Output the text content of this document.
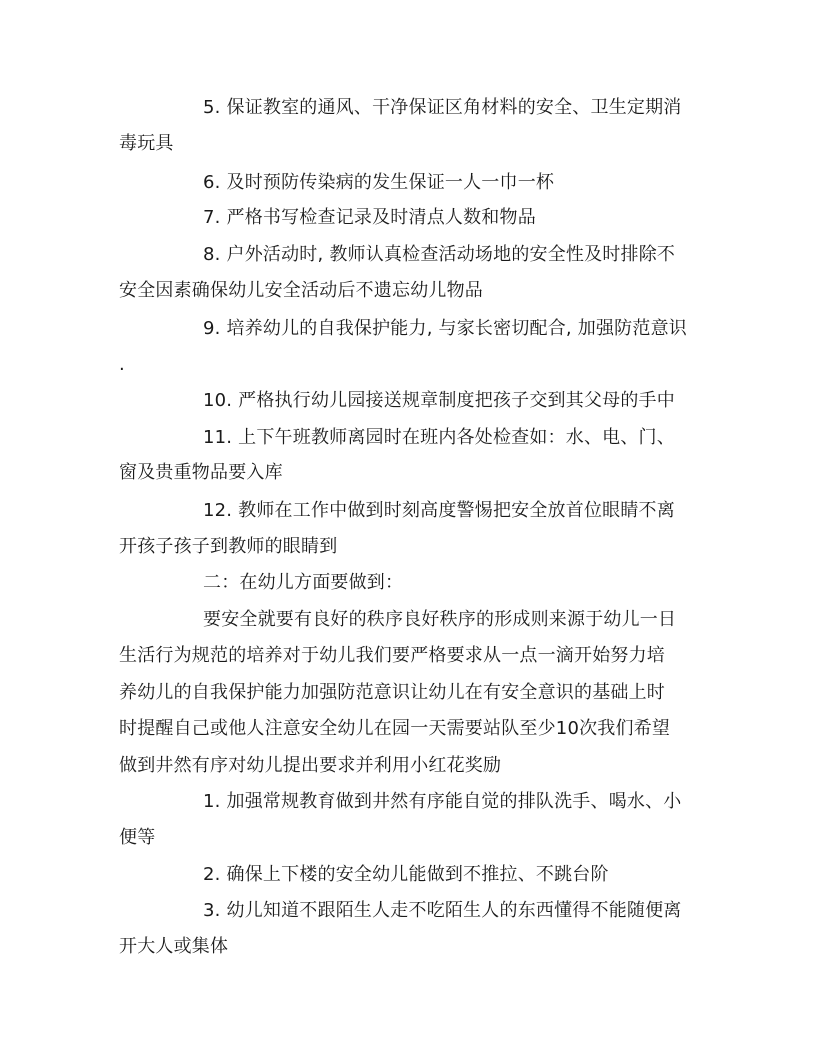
5. 保证教室的通风、干净保证区角材料的安全、卫生定期消
毒玩具
6. 及时预防传染病的发生保证一人一巾一杯
7. 严格书写检查记录及时清点人数和物品
8. 户外活动时, 教师认真检查活动场地的安全性及时排除不
安全因素确保幼儿安全活动后不遗忘幼儿物品
9. 培养幼儿的自我保护能力, 与家长密切配合, 加强防范意识
.
10. 严格执行幼儿园接送规章制度把孩子交到其父母的手中
11. 上下午班教师离园时在班内各处检查如：水、电、门、
窗及贵重物品要入库
12. 教师在工作中做到时刻高度警惕把安全放首位眼睛不离
开孩子孩子到教师的眼睛到
二：在幼儿方面要做到：
要安全就要有良好的秩序良好秩序的形成则来源于幼儿一日
生活行为规范的培养对于幼儿我们要严格要求从一点一滴开始努力培
养幼儿的自我保护能力加强防范意识让幼儿在有安全意识的基础上时
时提醒自己或他人注意安全幼儿在园一天需要站队至少10次我们希望
做到井然有序对幼儿提出要求并利用小红花奖励
1. 加强常规教育做到井然有序能自觉的排队洗手、喝水、小
便等
2. 确保上下楼的安全幼儿能做到不推拉、不跳台阶
3. 幼儿知道不跟陌生人走不吃陌生人的东西懂得不能随便离
开大人或集体
